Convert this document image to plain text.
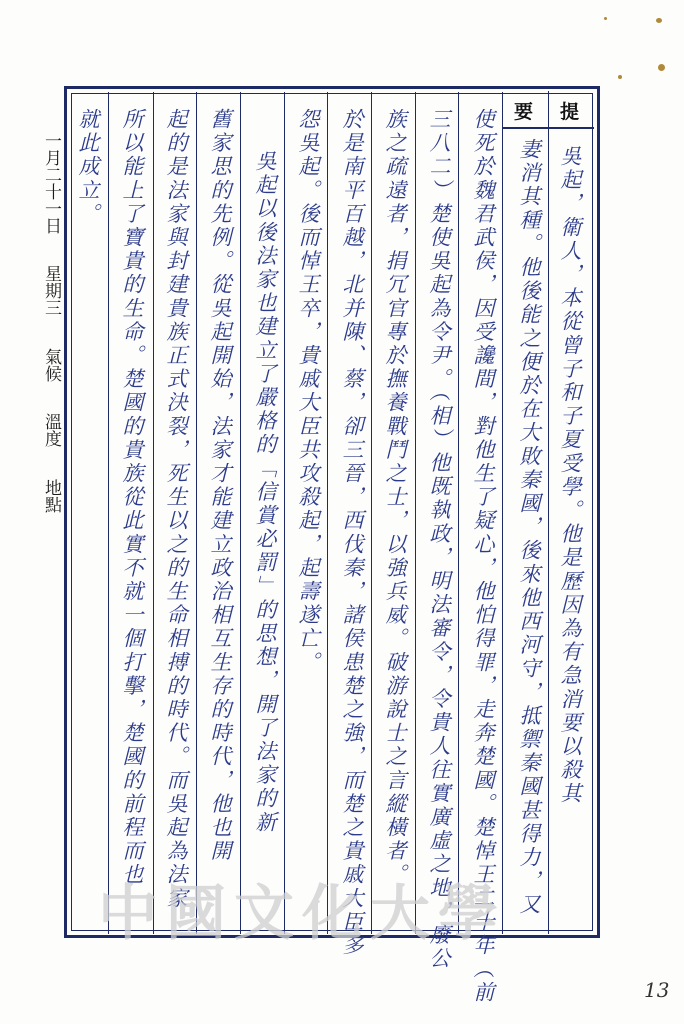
一月二十一日 星期三 氣候 溫度 地點
提
要
吳起，衛人，本從曾子和子夏受學。他是歷因為有急消要以殺其
妻消其種。他後能之便於在大敗秦國，後來他西河守，抵禦秦國甚得力，又
使死於魏君武侯，因受讒間，對他生了疑心，他怕得罪，走奔楚國。楚悼王二十年（前
三八二）楚使吳起為令尹。（相）他既執政，明法審令，令貴人往實廣虛之地，廢公
族之疏遠者，捐冗官專於撫養戰鬥之士，以強兵威。破游說士之言縱橫者。
於是南平百越，北并陳、蔡，卻三晉，西伐秦，諸侯患楚之強，而楚之貴戚大臣多
怨吳起。後而悼王卒，貴戚大臣共攻殺起，起壽遂亡。
吳起以後法家也建立了嚴格的「信賞必罰」的思想，開了法家的新
舊家思的先例。從吳起開始，法家才能建立政治相互生存的時代，他也開
起的是法家與封建貴族正式決裂，死生以之的生命相搏的時代。而吳起為法家
所以能上了寶貴的生命。楚國的貴族從此實不就一個打擊，楚國的前程而也
就此成立。
中國文化大學
13
